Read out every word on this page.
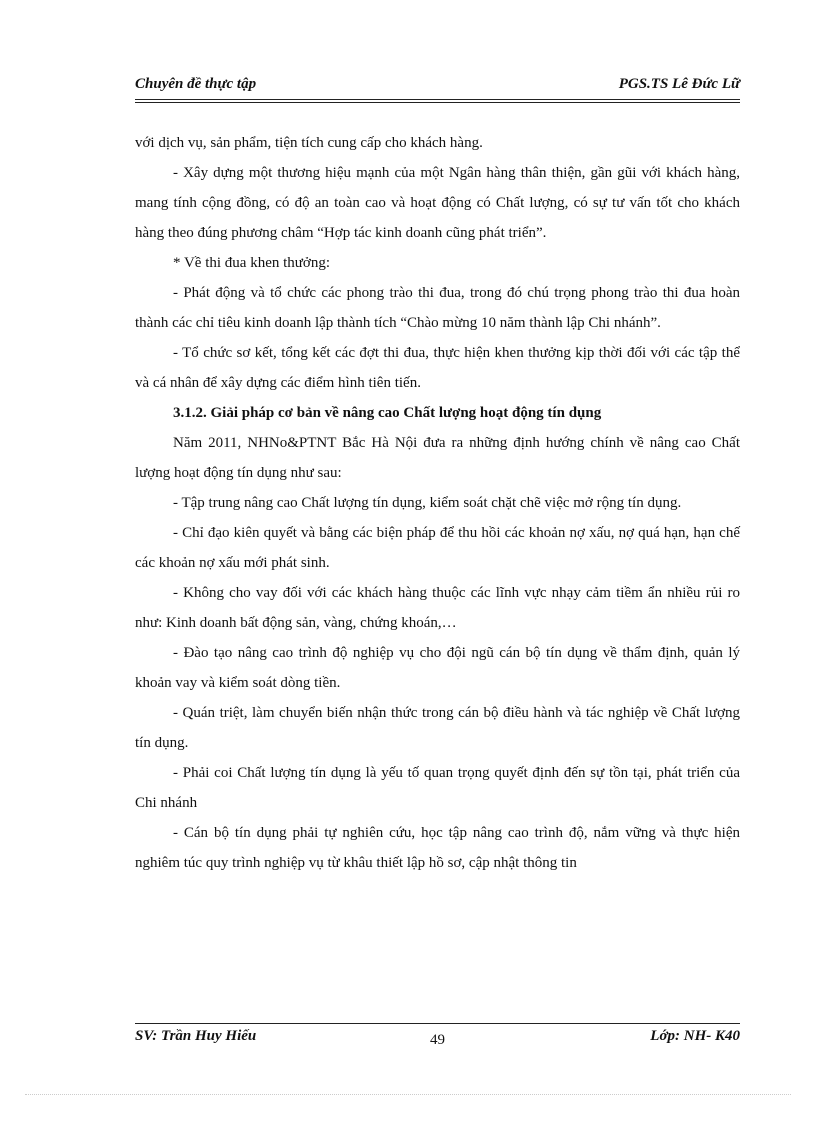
Chuyên đề thực tập	PGS.TS Lê Đức Lữ

với dịch vụ, sản phẩm, tiện tích cung cấp cho khách hàng.

- Xây dựng một thương hiệu mạnh của một Ngân hàng thân thiện, gần gũi với khách hàng, mang tính cộng đồng, có độ an toàn cao và hoạt động có Chất lượng, có sự tư vấn tốt cho khách hàng theo đúng phương châm “Hợp tác kinh doanh cũng phát triển”.

* Về thi đua khen thưởng:

- Phát động và tổ chức các phong trào thi đua, trong đó chú trọng phong trào thi đua hoàn thành các chỉ tiêu kinh doanh lập thành tích “Chào mừng 10 năm thành lập Chi nhánh”.

- Tổ chức sơ kết, tổng kết các đợt thi đua, thực hiện khen thưởng kịp thời đối với các tập thể và cá nhân để xây dựng các điểm hình tiên tiến.

3.1.2. Giải pháp cơ bản về nâng cao Chất lượng hoạt động tín dụng

Năm 2011, NHNo&PTNT Bắc Hà Nội đưa ra những định hướng chính về nâng cao Chất lượng hoạt động tín dụng như sau:

- Tập trung nâng cao Chất lượng tín dụng, kiểm soát chặt chẽ việc mở rộng tín dụng.

- Chỉ đạo kiên quyết và bằng các biện pháp để thu hồi các khoản nợ xấu, nợ quá hạn, hạn chế các khoản nợ xấu mới phát sinh.

- Không cho vay đối với các khách hàng thuộc các lĩnh vực nhạy cảm tiềm ẩn nhiều rủi ro như: Kinh doanh bất động sản, vàng, chứng khoán,…

- Đào tạo nâng cao trình độ nghiệp vụ cho đội ngũ cán bộ tín dụng về thẩm định, quản lý khoản vay và kiểm soát dòng tiền.

- Quán triệt, làm chuyển biến nhận thức trong cán bộ điều hành và tác nghiệp về Chất lượng tín dụng.

- Phải coi Chất lượng tín dụng là yếu tố quan trọng quyết định đến sự tồn tại, phát triển của Chi nhánh

- Cán bộ tín dụng phải tự nghiên cứu, học tập nâng cao trình độ, nắm vững và thực hiện nghiêm túc quy trình nghiệp vụ từ khâu thiết lập hồ sơ, cập nhật thông tin

SV: Trần Huy Hiếu	49	Lớp: NH- K40
